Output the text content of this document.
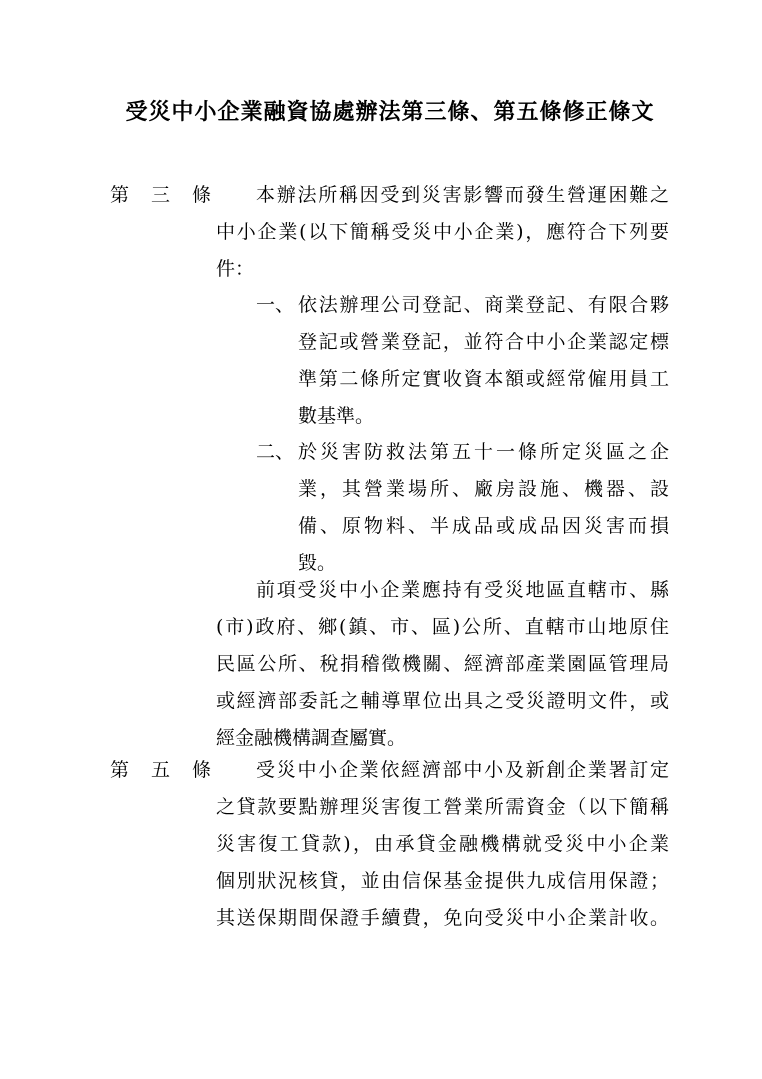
受災中小企業融資協處辦法第三條、第五條修正條文
第 三 條	本辦法所稱因受到災害影響而發生營運困難之
中小企業(以下簡稱受災中小企業)，應符合下列要
件：
一、 依法辦理公司登記、商業登記、有限合夥
登記或營業登記，並符合中小企業認定標
準第二條所定實收資本額或經常僱用員工
數基準。
二、 於災害防救法第五十一條所定災區之企
業，其營業場所、廠房設施、機器、設
備、原物料、半成品或成品因災害而損
毀。
前項受災中小企業應持有受災地區直轄市、縣
(市)政府、鄉(鎮、市、區)公所、直轄市山地原住
民區公所、稅捐稽徵機關、經濟部產業園區管理局
或經濟部委託之輔導單位出具之受災證明文件，或
經金融機構調查屬實。
第 五 條	受災中小企業依經濟部中小及新創企業署訂定
之貸款要點辦理災害復工營業所需資金（以下簡稱
災害復工貸款)，由承貸金融機構就受災中小企業
個別狀況核貸，並由信保基金提供九成信用保證；
其送保期間保證手續費，免向受災中小企業計收。
